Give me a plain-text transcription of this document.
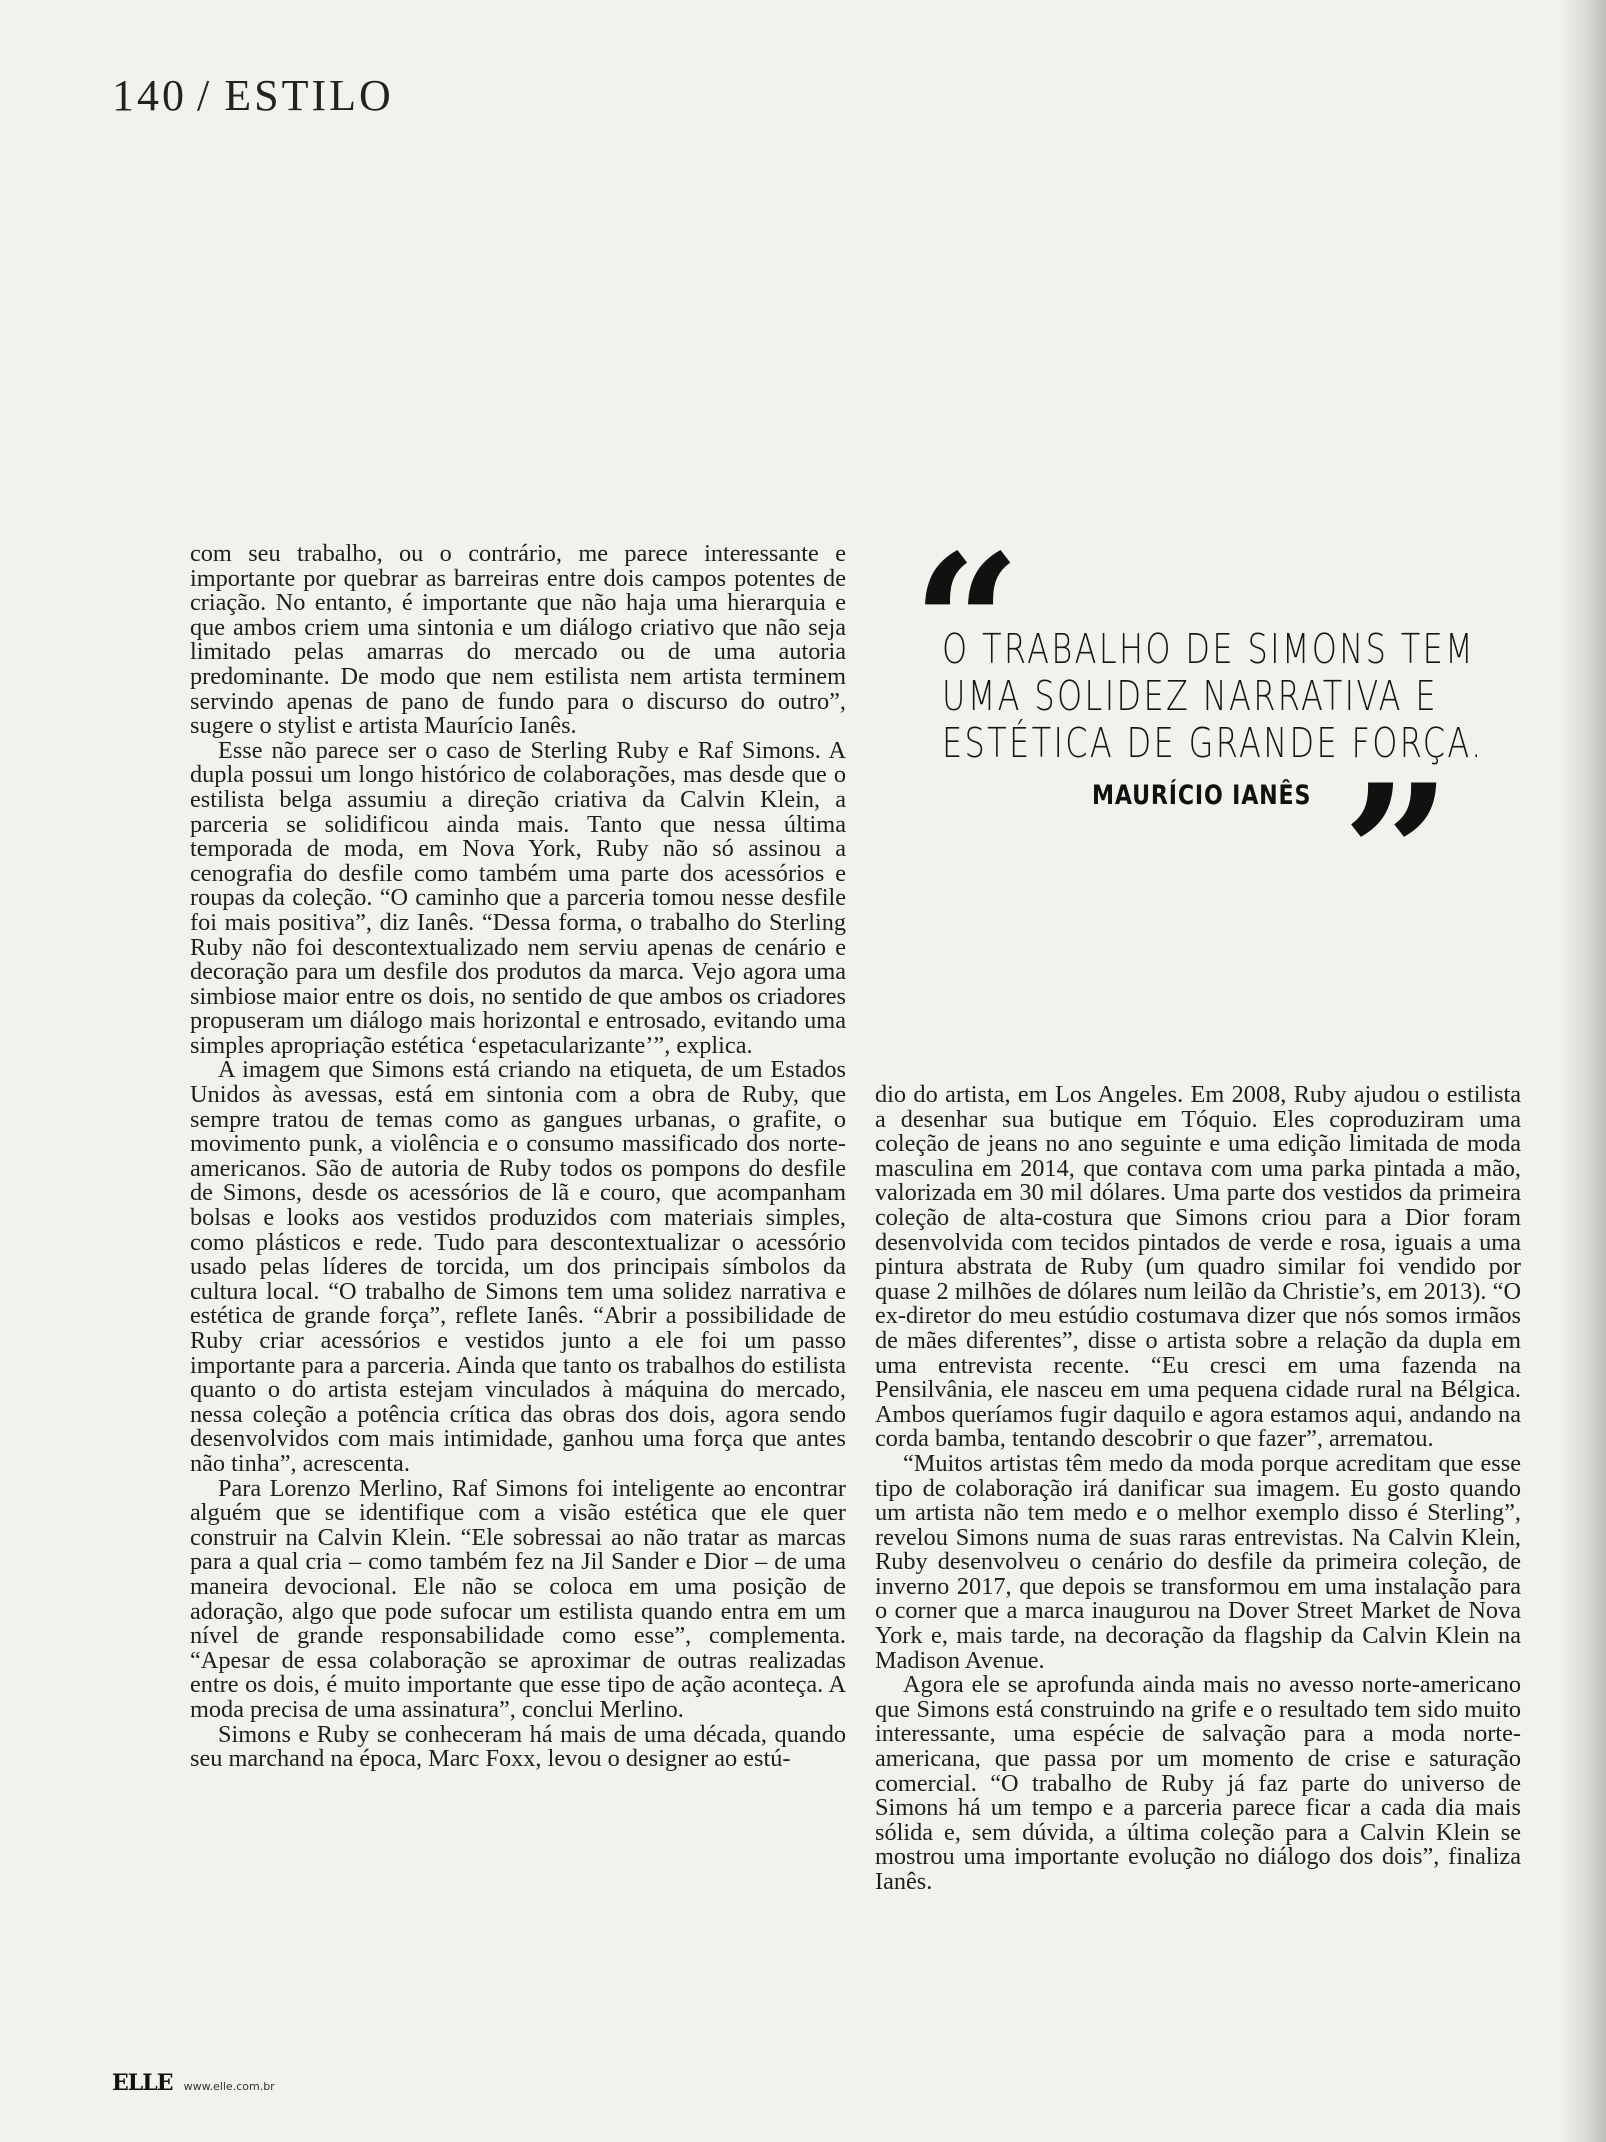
140 / ESTILO

com seu trabalho, ou o contrário, me parece interessante e importante por quebrar as barreiras entre dois campos potentes de criação. No entanto, é importante que não haja uma hierarquia e que ambos criem uma sintonia e um diálogo criativo que não seja limitado pelas amarras do mercado ou de uma autoria predominante. De modo que nem estilista nem artista terminem servindo apenas de pano de fundo para o discurso do outro”, sugere o stylist e artista Maurício Ianês.

Esse não parece ser o caso de Sterling Ruby e Raf Simons. A dupla possui um longo histórico de colaborações, mas desde que o estilista belga assumiu a direção criativa da Calvin Klein, a parceria se solidificou ainda mais. Tanto que nessa última temporada de moda, em Nova York, Ruby não só assinou a cenografia do desfile como também uma parte dos acessórios e roupas da coleção. “O caminho que a parceria tomou nesse desfile foi mais positiva”, diz Ianês. “Dessa forma, o trabalho do Sterling Ruby não foi descontextualizado nem serviu apenas de cenário e decoração para um desfile dos produtos da marca. Vejo agora uma simbiose maior entre os dois, no sentido de que ambos os criadores propuseram um diálogo mais horizontal e entrosado, evitando uma simples apropriação estética ‘espetacularizante’”, explica.

A imagem que Simons está criando na etiqueta, de um Estados Unidos às avessas, está em sintonia com a obra de Ruby, que sempre tratou de temas como as gangues urbanas, o grafite, o movimento punk, a violência e o consumo massificado dos norte-americanos. São de autoria de Ruby todos os pompons do desfile de Simons, desde os acessórios de lã e couro, que acompanham bolsas e looks aos vestidos produzidos com materiais simples, como plásticos e rede. Tudo para descontextualizar o acessório usado pelas líderes de torcida, um dos principais símbolos da cultura local. “O trabalho de Simons tem uma solidez narrativa e estética de grande força”, reflete Ianês. “Abrir a possibilidade de Ruby criar acessórios e vestidos junto a ele foi um passo importante para a parceria. Ainda que tanto os trabalhos do estilista quanto o do artista estejam vinculados à máquina do mercado, nessa coleção a potência crítica das obras dos dois, agora sendo desenvolvidos com mais intimidade, ganhou uma força que antes não tinha”, acrescenta.

Para Lorenzo Merlino, Raf Simons foi inteligente ao encontrar alguém que se identifique com a visão estética que ele quer construir na Calvin Klein. “Ele sobressai ao não tratar as marcas para a qual cria – como também fez na Jil Sander e Dior – de uma maneira devocional. Ele não se coloca em uma posição de adoração, algo que pode sufocar um estilista quando entra em um nível de grande responsabilidade como esse”, complementa. “Apesar de essa colaboração se aproximar de outras realizadas entre os dois, é muito importante que esse tipo de ação aconteça. A moda precisa de uma assinatura”, conclui Merlino.

Simons e Ruby se conheceram há mais de uma década, quando seu marchand na época, Marc Foxx, levou o designer ao estú-

“
O TRABALHO DE SIMONS TEM
UMA SOLIDEZ NARRATIVA E
ESTÉTICA DE GRANDE FORÇA.
MAURÍCIO IANÊS ”

dio do artista, em Los Angeles. Em 2008, Ruby ajudou o estilista a desenhar sua butique em Tóquio. Eles coproduziram uma coleção de jeans no ano seguinte e uma edição limitada de moda masculina em 2014, que contava com uma parka pintada a mão, valorizada em 30 mil dólares. Uma parte dos vestidos da primeira coleção de alta-costura que Simons criou para a Dior foram desenvolvida com tecidos pintados de verde e rosa, iguais a uma pintura abstrata de Ruby (um quadro similar foi vendido por quase 2 milhões de dólares num leilão da Christie’s, em 2013). “O ex-diretor do meu estúdio costumava dizer que nós somos irmãos de mães diferentes”, disse o artista sobre a relação da dupla em uma entrevista recente. “Eu cresci em uma fazenda na Pensilvânia, ele nasceu em uma pequena cidade rural na Bélgica. Ambos queríamos fugir daquilo e agora estamos aqui, andando na corda bamba, tentando descobrir o que fazer”, arrematou.

“Muitos artistas têm medo da moda porque acreditam que esse tipo de colaboração irá danificar sua imagem. Eu gosto quando um artista não tem medo e o melhor exemplo disso é Sterling”, revelou Simons numa de suas raras entrevistas. Na Calvin Klein, Ruby desenvolveu o cenário do desfile da primeira coleção, de inverno 2017, que depois se transformou em uma instalação para o corner que a marca inaugurou na Dover Street Market de Nova York e, mais tarde, na decoração da flagship da Calvin Klein na Madison Avenue.

Agora ele se aprofunda ainda mais no avesso norte-americano que Simons está construindo na grife e o resultado tem sido muito interessante, uma espécie de salvação para a moda norte-americana, que passa por um momento de crise e saturação comercial. “O trabalho de Ruby já faz parte do universo de Simons há um tempo e a parceria parece ficar a cada dia mais sólida e, sem dúvida, a última coleção para a Calvin Klein se mostrou uma importante evolução no diálogo dos dois”, finaliza Ianês.

ELLE www.elle.com.br
